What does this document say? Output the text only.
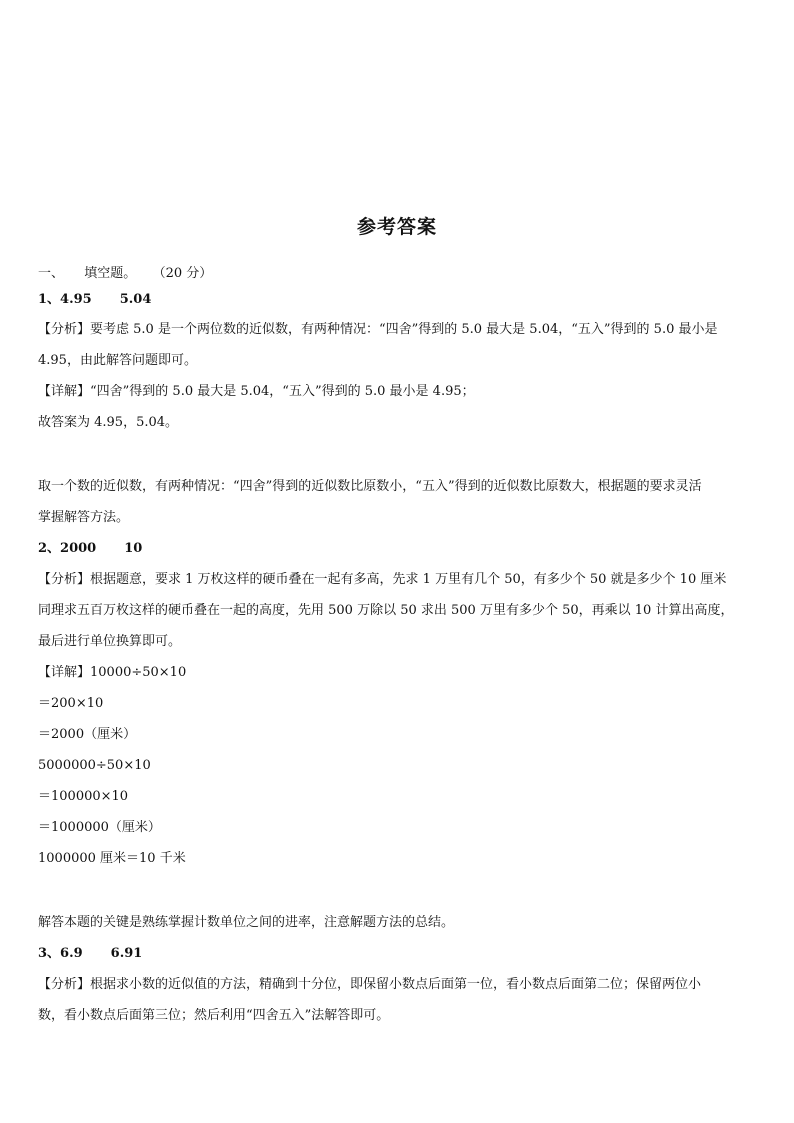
参考答案
一、 填空题。 （20 分）
1、4.95 5.04
【分析】要考虑 5.0 是一个两位数的近似数，有两种情况：“四舍”得到的 5.0 最大是 5.04，“五入”得到的 5.0 最小是
4.95，由此解答问题即可。
【详解】“四舍”得到的 5.0 最大是 5.04，“五入”得到的 5.0 最小是 4.95；
故答案为 4.95，5.04。
取一个数的近似数，有两种情况：“四舍”得到的近似数比原数小，“五入”得到的近似数比原数大，根据题的要求灵活
掌握解答方法。
2、2000 10
【分析】根据题意，要求 1 万枚这样的硬币叠在一起有多高，先求 1 万里有几个 50，有多少个 50 就是多少个 10 厘米
同理求五百万枚这样的硬币叠在一起的高度，先用 500 万除以 50 求出 500 万里有多少个 50，再乘以 10 计算出高度，
最后进行单位换算即可。
【详解】10000÷50×10
＝200×10
＝2000（厘米）
5000000÷50×10
＝100000×10
＝1000000（厘米）
1000000 厘米＝10 千米
解答本题的关键是熟练掌握计数单位之间的进率，注意解题方法的总结。
3、6.9 6.91
【分析】根据求小数的近似值的方法，精确到十分位，即保留小数点后面第一位，看小数点后面第二位；保留两位小
数，看小数点后面第三位；然后利用“四舍五入”法解答即可。
